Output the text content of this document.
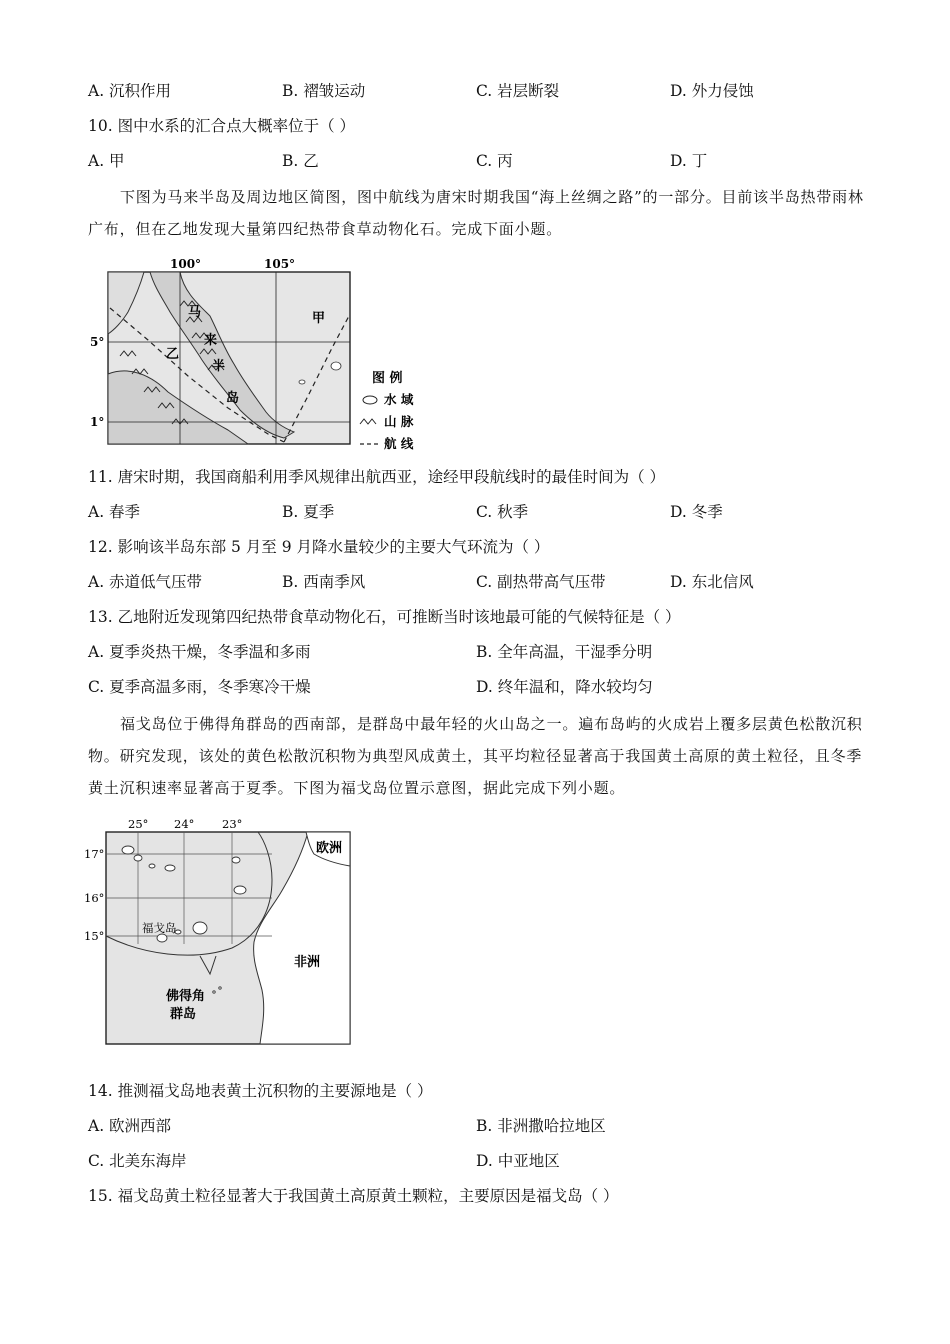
A. 沉积作用	B. 褶皱运动	C. 岩层断裂	D. 外力侵蚀
10. 图中水系的汇合点大概率位于（ ）
A. 甲	B. 乙	C. 丙	D. 丁
下图为马来半岛及周边地区简图，图中航线为唐宋时期我国“海上丝绸之路”的一部分。目前该半岛热带雨林广布，但在乙地发现大量第四纪热带食草动物化石。完成下面小题。
100°	105°
5°
1°
马
来
半
岛
乙
甲
图 例
水 域
山 脉
航 线
11. 唐宋时期，我国商船利用季风规律出航西亚，途经甲段航线时的最佳时间为（ ）
A. 春季	B. 夏季	C. 秋季	D. 冬季
12. 影响该半岛东部 5 月至 9 月降水量较少的主要大气环流为（ ）
A. 赤道低气压带	B. 西南季风	C. 副热带高气压带	D. 东北信风
13. 乙地附近发现第四纪热带食草动物化石，可推断当时该地最可能的气候特征是（ ）
A. 夏季炎热干燥，冬季温和多雨	B. 全年高温，干湿季分明
C. 夏季高温多雨，冬季寒冷干燥	D. 终年温和，降水较均匀
福戈岛位于佛得角群岛的西南部，是群岛中最年轻的火山岛之一。遍布岛屿的火成岩上覆多层黄色松散沉积物。研究发现，该处的黄色松散沉积物为典型风成黄土，其平均粒径显著高于我国黄土高原的黄土粒径，且冬季黄土沉积速率显著高于夏季。下图为福戈岛位置示意图，据此完成下列小题。
25° 24° 23°
17°
16°
15°
欧洲
非洲
福戈岛
佛得角
群岛
14. 推测福戈岛地表黄土沉积物的主要源地是（ ）
A. 欧洲西部	B. 非洲撒哈拉地区
C. 北美东海岸	D. 中亚地区
15. 福戈岛黄土粒径显著大于我国黄土高原黄土颗粒，主要原因是福戈岛（ ）
